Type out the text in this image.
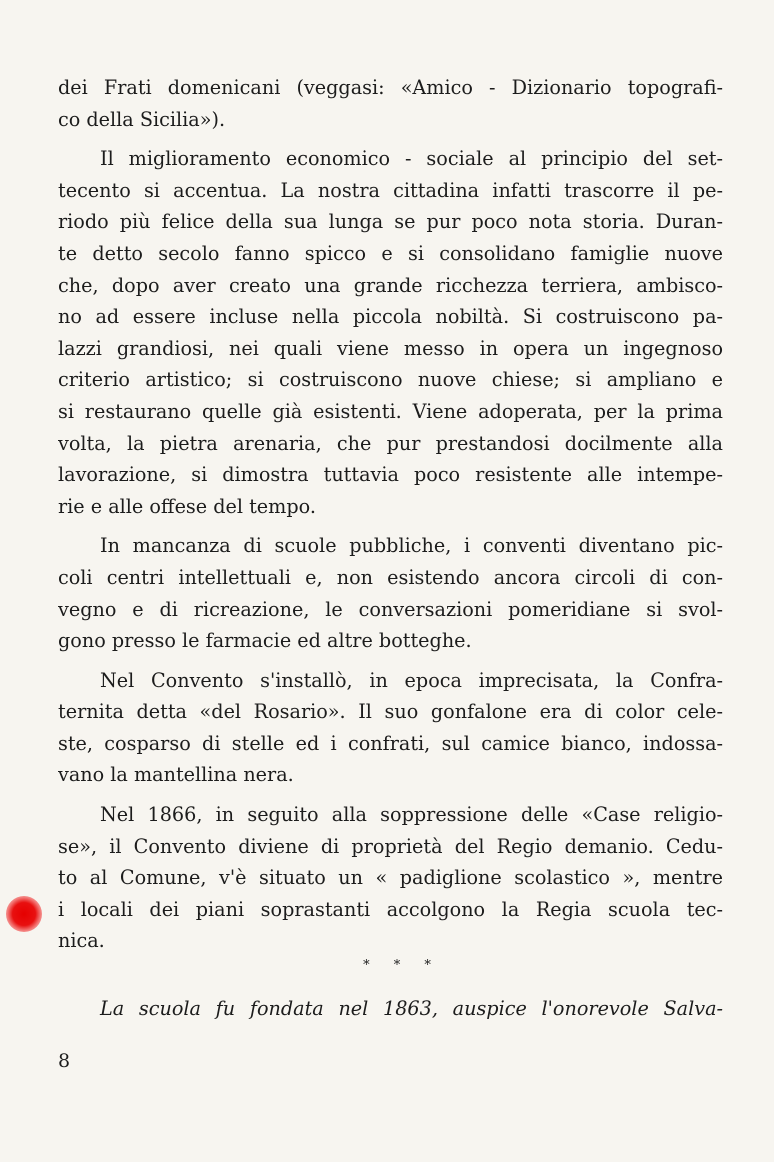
dei Frati domenicani (veggasi: «Amico - Dizionario topografi-
co della Sicilia»).
Il miglioramento economico - sociale al principio del set-
tecento si accentua. La nostra cittadina infatti trascorre il pe-
riodo più felice della sua lunga se pur poco nota storia. Duran-
te detto secolo fanno spicco e si consolidano famiglie nuove
che, dopo aver creato una grande ricchezza terriera, ambisco-
no ad essere incluse nella piccola nobiltà. Si costruiscono pa-
lazzi grandiosi, nei quali viene messo in opera un ingegnoso
criterio artistico; si costruiscono nuove chiese; si ampliano e
si restaurano quelle già esistenti. Viene adoperata, per la prima
volta, la pietra arenaria, che pur prestandosi docilmente alla
lavorazione, si dimostra tuttavia poco resistente alle intempe-
rie e alle offese del tempo.
In mancanza di scuole pubbliche, i conventi diventano pic-
coli centri intellettuali e, non esistendo ancora circoli di con-
vegno e di ricreazione, le conversazioni pomeridiane si svol-
gono presso le farmacie ed altre botteghe.
Nel Convento s'installò, in epoca imprecisata, la Confra-
ternita detta «del Rosario». Il suo gonfalone era di color cele-
ste, cosparso di stelle ed i confrati, sul camice bianco, indossa-
vano la mantellina nera.
Nel 1866, in seguito alla soppressione delle «Case religio-
se», il Convento diviene di proprietà del Regio demanio. Cedu-
to al Comune, v'è situato un « padiglione scolastico », mentre
i locali dei piani soprastanti accolgono la Regia scuola tec-
nica.
* * *
La scuola fu fondata nel 1863, auspice l'onorevole Salva-
8
